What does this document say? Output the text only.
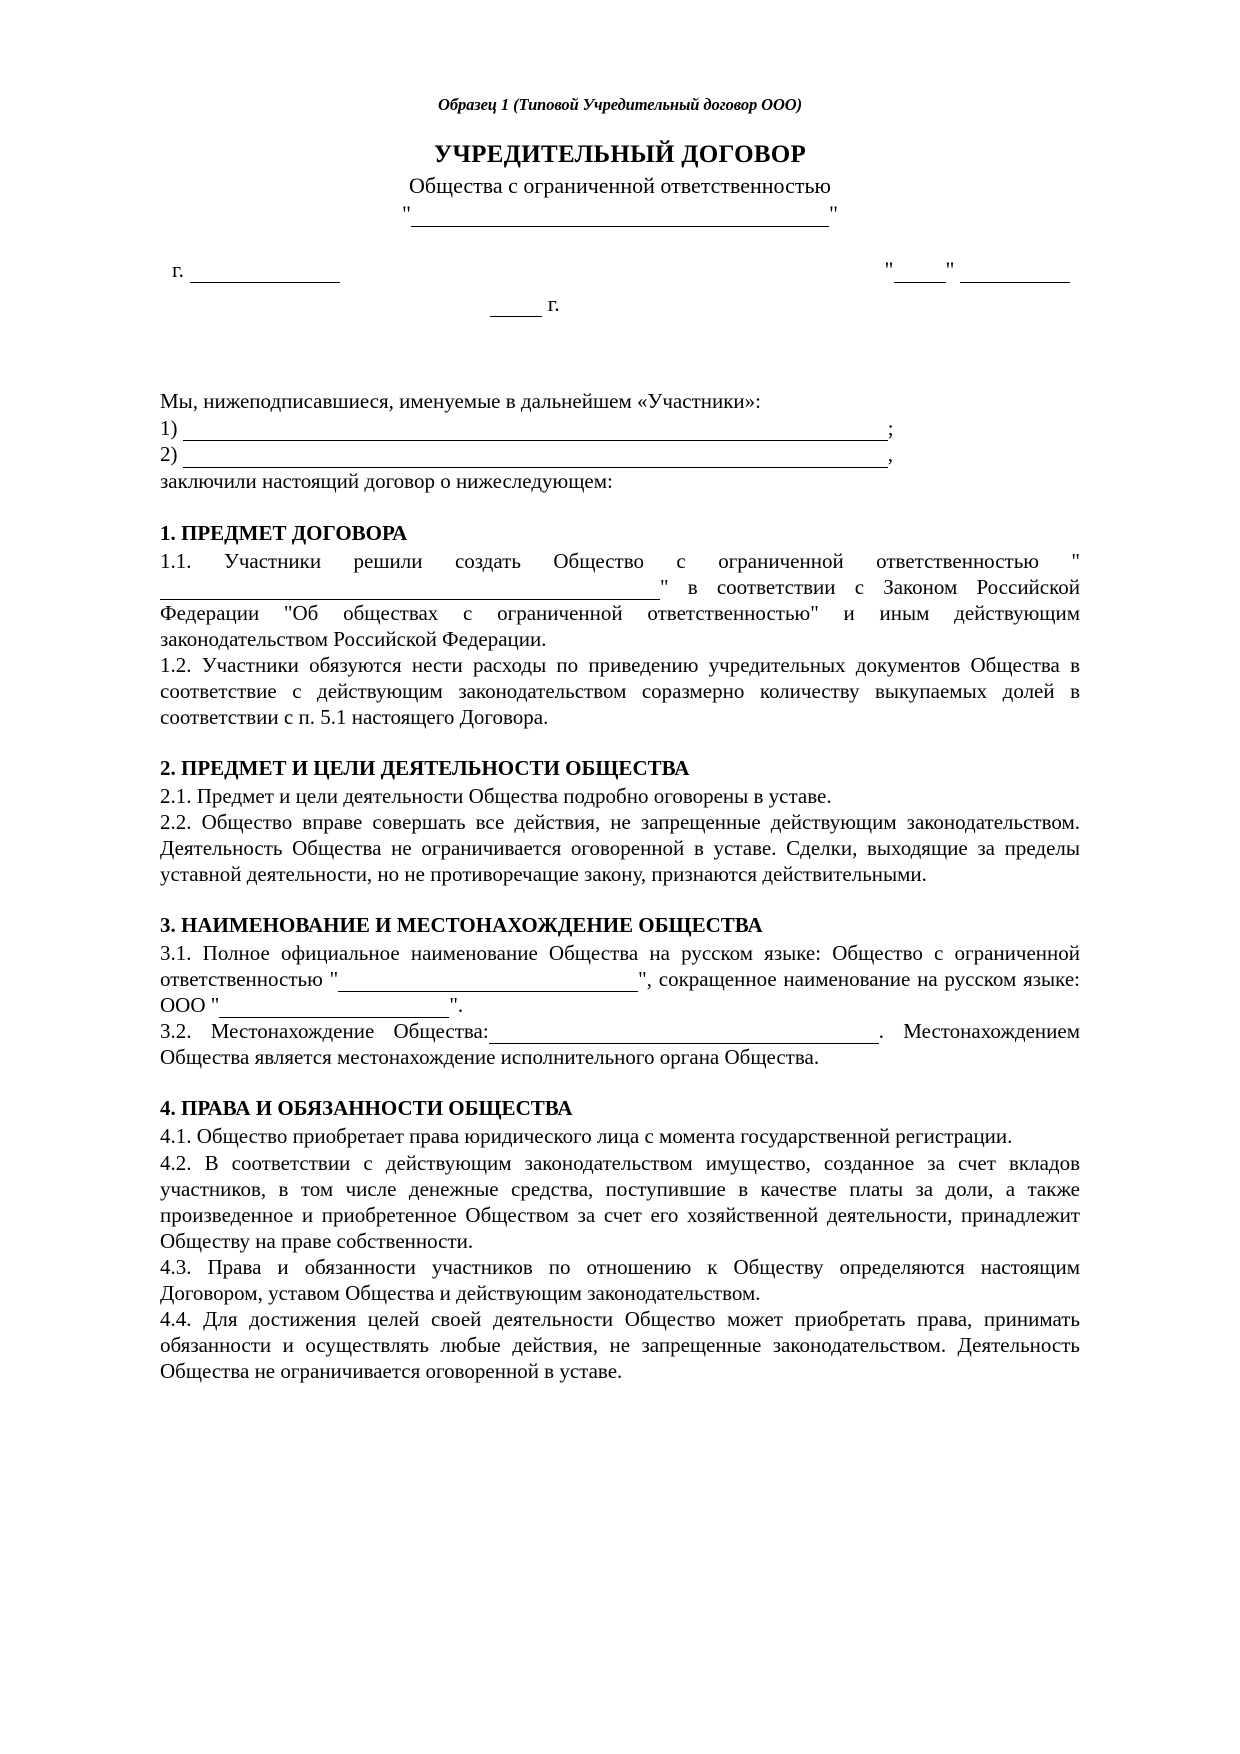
Образец 1 (Типовой Учредительный договор ООО)
УЧРЕДИТЕЛЬНЫЙ ДОГОВОР
Общества с ограниченной ответственностью
"	"
г.	" "
г.
Мы, нижеподписавшиеся, именуемые в дальнейшем «Участники»:
1)	;
2)	,
заключили настоящий договор о нижеследующем:
1. ПРЕДМЕТ ДОГОВОРА

1.1. Участники решили создать Общество с ограниченной ответственностью "" в соответствии с Законом Российской Федерации "Об обществах с ограниченной ответственностью" и иным действующим законодательством Российской Федерации.

1.2. Участники обязуются нести расходы по приведению учредительных документов Общества в соответствие с действующим законодательством соразмерно количеству выкупаемых долей в соответствии с п. 5.1 настоящего Договора.

2. ПРЕДМЕТ И ЦЕЛИ ДЕЯТЕЛЬНОСТИ ОБЩЕСТВА

2.1. Предмет и цели деятельности Общества подробно оговорены в уставе.

2.2. Общество вправе совершать все действия, не запрещенные действующим законодательством. Деятельность Общества не ограничивается оговоренной в уставе. Сделки, выходящие за пределы уставной деятельности, но не противоречащие закону, признаются действительными.

3. НАИМЕНОВАНИЕ И МЕСТОНАХОЖДЕНИЕ ОБЩЕСТВА

3.1. Полное официальное наименование Общества на русском языке: Общество с ограниченной ответственностью "	", сокращенное наименование на русском языке: ООО "	".

3.2. Местонахождение Общества:	. Местонахождением Общества является местонахождение исполнительного органа Общества.

4. ПРАВА И ОБЯЗАННОСТИ ОБЩЕСТВА

4.1. Общество приобретает права юридического лица с момента государственной регистрации.

4.2. В соответствии с действующим законодательством имущество, созданное за счет вкладов участников, в том числе денежные средства, поступившие в качестве платы за доли, а также произведенное и приобретенное Обществом за счет его хозяйственной деятельности, принадлежит Обществу на праве собственности.

4.3. Права и обязанности участников по отношению к Обществу определяются настоящим Договором, уставом Общества и действующим законодательством.

4.4. Для достижения целей своей деятельности Общество может приобретать права, принимать обязанности и осуществлять любые действия, не запрещенные законодательством. Деятельность Общества не ограничивается оговоренной в уставе.
